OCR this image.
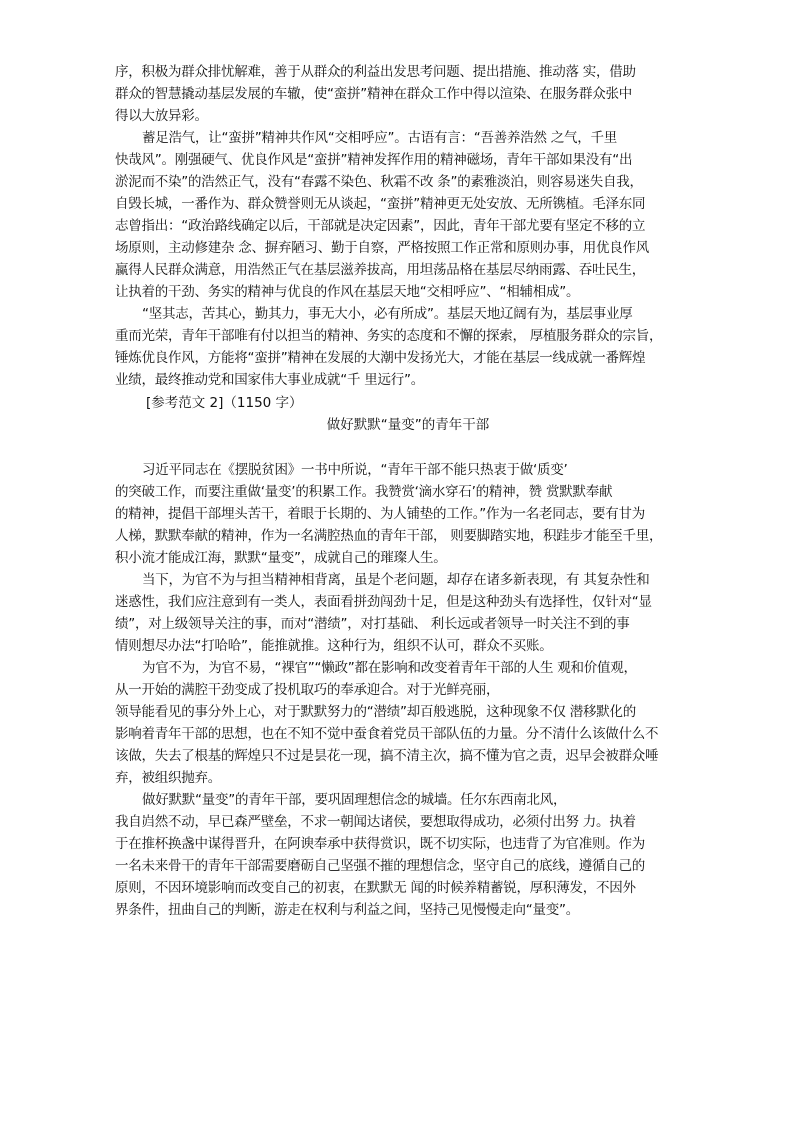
序，积极为群众排忧解难，善于从群众的利益出发思考问题、提出措施、推动落 实，借助
群众的智慧撬动基层发展的车辙，使“蛮拼”精神在群众工作中得以渲染、在服务群众张中
得以大放异彩。
蓄足浩气，让“蛮拼”精神共作风“交相呼应”。古语有言：“吾善养浩然 之气，千里
快哉风”。刚强硬气、优良作风是“蛮拼”精神发挥作用的精神磁场，青年干部如果没有“出
淤泥而不染”的浩然正气，没有“春露不染色、秋霜不改 条”的素雅淡泊，则容易迷失自我，
自毁长城，一番作为、群众赞誉则无从谈起，“蛮拼”精神更无处安放、无所镌植。毛泽东同
志曾指出：“政治路线确定以后，干部就是决定因素”，因此，青年干部尤要有坚定不移的立
场原则，主动修建杂 念、摒弃陋习、勤于自察，严格按照工作正常和原则办事，用优良作风
赢得人民群众满意，用浩然正气在基层滋养拔高，用坦荡品格在基层尽纳雨露、吞吐民生，
让执着的干劲、务实的精神与优良的作风在基层天地“交相呼应”、“相辅相成”。
“坚其志，苦其心，勤其力，事无大小，必有所成”。基层天地辽阔有为，基层事业厚
重而光荣，青年干部唯有付以担当的精神、务实的态度和不懈的探索， 厚植服务群众的宗旨，
锤炼优良作风，方能将“蛮拼”精神在发展的大潮中发扬光大，才能在基层一线成就一番辉煌
业绩，最终推动党和国家伟大事业成就“千 里远行”。
[参考范文 2]（1150 字）
做好默默“量变”的青年干部
习近平同志在《摆脱贫困》一书中所说，“青年干部不能只热衷于做‘质变’
的突破工作，而要注重做‘量变’的积累工作。我赞赏‘滴水穿石’的精神，赞 赏默默奉献
的精神，提倡干部埋头苦干，着眼于长期的、为人铺垫的工作。”作为一名老同志，要有甘为
人梯，默默奉献的精神，作为一名满腔热血的青年干部， 则要脚踏实地，积跬步才能至千里，
积小流才能成江海，默默“量变”，成就自己的璀璨人生。
当下，为官不为与担当精神相背离，虽是个老问题，却存在诸多新表现，有 其复杂性和
迷惑性，我们应注意到有一类人，表面看拼劲闯劲十足，但是这种劲头有选择性，仅针对“显
绩”，对上级领导关注的事，而对“潜绩”，对打基础、 利长远或者领导一时关注不到的事
情则想尽办法“打哈哈”，能推就推。这种行为，组织不认可，群众不买账。
为官不为，为官不易，“裸官”“懒政”都在影响和改变着青年干部的人生 观和价值观，
从一开始的满腔干劲变成了投机取巧的奉承迎合。对于光鲜亮丽，
领导能看见的事分外上心，对于默默努力的“潜绩”却百般逃脱，这种现象不仅 潜移默化的
影响着青年干部的思想，也在不知不觉中蚕食着党员干部队伍的力量。分不清什么该做什么不
该做，失去了根基的辉煌只不过是昙花一现，搞不清主次，搞不懂为官之责，迟早会被群众唾
弃，被组织抛弃。
做好默默“量变”的青年干部，要巩固理想信念的城墙。任尔东西南北风，
我自岿然不动，早已森严壁垒，不求一朝闻达诸侯，要想取得成功，必须付出努 力。执着
于在推杯换盏中谋得晋升，在阿谀奉承中获得赏识，既不切实际，也违背了为官准则。作为
一名未来骨干的青年干部需要磨砺自己坚强不摧的理想信念，坚守自己的底线，遵循自己的
原则，不因环境影响而改变自己的初衷，在默默无 闻的时候养精蓄锐，厚积薄发，不因外
界条件，扭曲自己的判断，游走在权利与利益之间，坚持己见慢慢走向“量变”。
